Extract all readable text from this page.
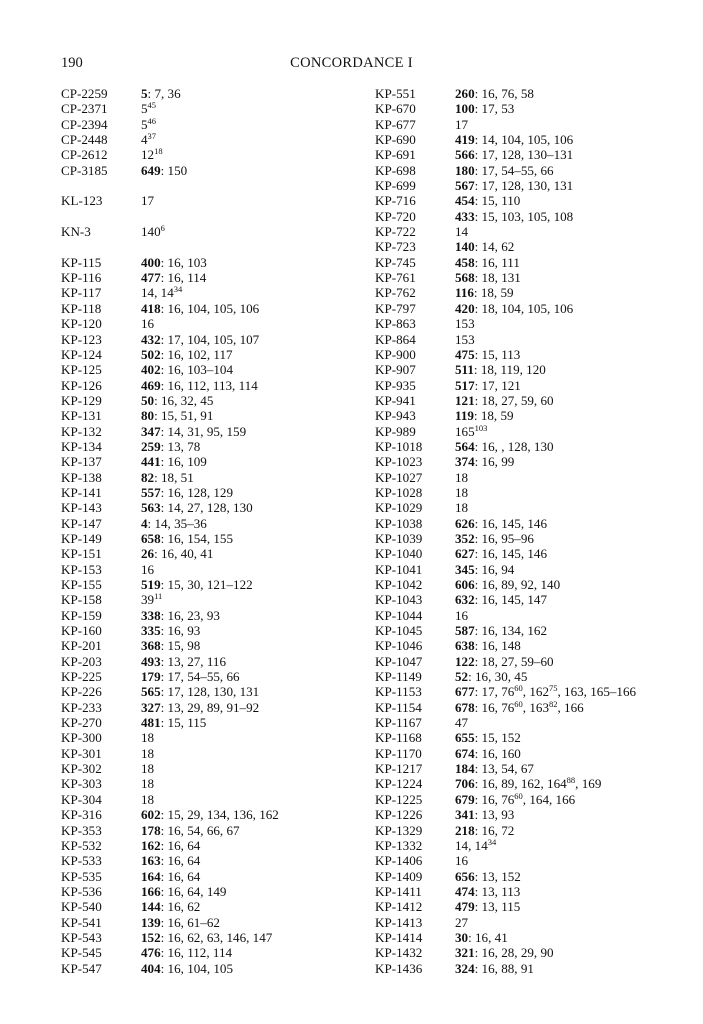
190	CONCORDANCE I
CP-2259	5: 7, 36
CP-2371	$5^{45}$
CP-2394	$5^{46}$
CP-2448	$4^{37}$
CP-2612	$12^{18}$
CP-3185	649: 150
KL-123	17
KN-3	$140^6$
KP-115	400: 16, 103
KP-116	477: 16, 114
KP-117	14, $14^{34}$
KP-118	418: 16, 104, 105, 106
KP-120	16
KP-123	432: 17, 104, 105, 107
KP-124	502: 16, 102, 117
KP-125	402: 16, 103–104
KP-126	469: 16, 112, 113, 114
KP-129	50: 16, 32, 45
KP-131	80: 15, 51, 91
KP-132	347: 14, 31, 95, 159
KP-134	259: 13, 78
KP-137	441: 16, 109
KP-138	82: 18, 51
KP-141	557: 16, 128, 129
KP-143	563: 14, 27, 128, 130
KP-147	4: 14, 35–36
KP-149	658: 16, 154, 155
KP-151	26: 16, 40, 41
KP-153	16
KP-155	519: 15, 30, 121–122
KP-158	$39^{11}$
KP-159	338: 16, 23, 93
KP-160	335: 16, 93
KP-201	368: 15, 98
KP-203	493: 13, 27, 116
KP-225	179: 17, 54–55, 66
KP-226	565: 17, 128, 130, 131
KP-233	327: 13, 29, 89, 91–92
KP-270	481: 15, 115
KP-300	18
KP-301	18
KP-302	18
KP-303	18
KP-304	18
KP-316	602: 15, 29, 134, 136, 162
KP-353	178: 16, 54, 66, 67
KP-532	162: 16, 64
KP-533	163: 16, 64
KP-535	164: 16, 64
KP-536	166: 16, 64, 149
KP-540	144: 16, 62
KP-541	139: 16, 61–62
KP-543	152: 16, 62, 63, 146, 147
KP-545	476: 16, 112, 114
KP-547	404: 16, 104, 105
KP-551	260: 16, 76, 58
KP-670	100: 17, 53
KP-677	17
KP-690	419: 14, 104, 105, 106
KP-691	566: 17, 128, 130–131
KP-698	180: 17, 54–55, 66
KP-699	567: 17, 128, 130, 131
KP-716	454: 15, 110
KP-720	433: 15, 103, 105, 108
KP-722	14
KP-723	140: 14, 62
KP-745	458: 16, 111
KP-761	568: 18, 131
KP-762	116: 18, 59
KP-797	420: 18, 104, 105, 106
KP-863	153
KP-864	153
KP-900	475: 15, 113
KP-907	511: 18, 119, 120
KP-935	517: 17, 121
KP-941	121: 18, 27, 59, 60
KP-943	119: 18, 59
KP-989	$165^{103}$
KP-1018 564: 16, , 128, 130
KP-1023 374: 16, 99
KP-1027 18
KP-1028 18
KP-1029 18
KP-1038 626: 16, 145, 146
KP-1039 352: 16, 95–96
KP-1040 627: 16, 145, 146
KP-1041 345: 16, 94
KP-1042 606: 16, 89, 92, 140
KP-1043 632: 16, 145, 147
KP-1044 16
KP-1045 587: 16, 134, 162
KP-1046 638: 16, 148
KP-1047 122: 18, 27, 59–60
KP-1149	52: 16, 30, 45
KP-1153	677: 17, $76^{60}$, $162^{75}$, 163, 165–166
KP-1154	678: 16, $76^{60}$, $163^{82}$, 166
KP-1167	47
KP-1168	655: 15, 152
KP-1170	674: 16, 160
KP-1217 184: 13, 54, 67
KP-1224 706: 16, 89, 162, $164^{88}$, 169
KP-1225 679: 16, $76^{60}$, 164, 166
KP-1226 341: 13, 93
KP-1329 218: 16, 72
KP-1332 14, $14^{34}$
KP-1406 16
KP-1409 656: 13, 152
KP-1411	474: 13, 113
KP-1412 479: 13, 115
KP-1413 27
KP-1414 30: 16, 41
KP-1432 321: 16, 28, 29, 90
KP-1436 324: 16, 88, 91
